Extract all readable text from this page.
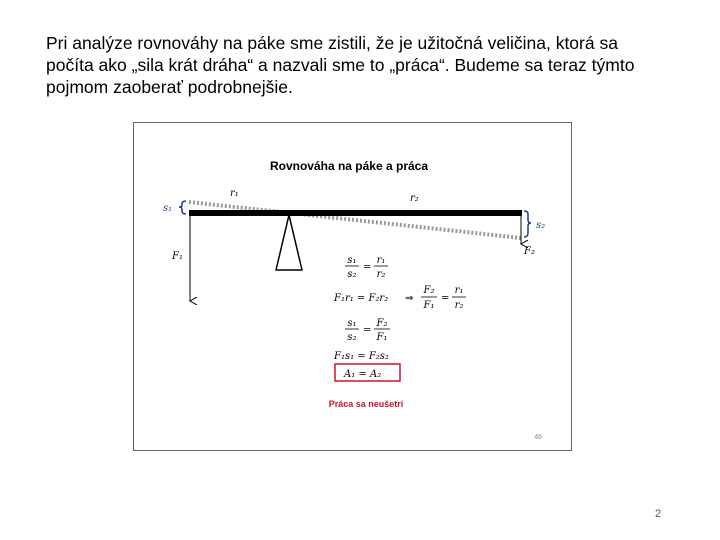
Pri analýze rovnováhy na páke sme zistili, že je užitočná veličina, ktorá sa
počíta ako „sila krát dráha“ a nazvali sme to „práca“. Budeme sa teraz týmto
pojmom zaoberať podrobnejšie.

Rovnováha na páke a práca
s₁
s₂
r₁	r₂
F₁	F₂
s₁
s₂
=
r₁
r₂
F₁r₁ = F₂r₂ ⇒
F₂
F₁
=
r₁
r₂
s₁
s₂
=
F₂
F₁
F₁s₁ = F₂s₂
A₁ = A₂
Práca sa neušetrí
46
2
